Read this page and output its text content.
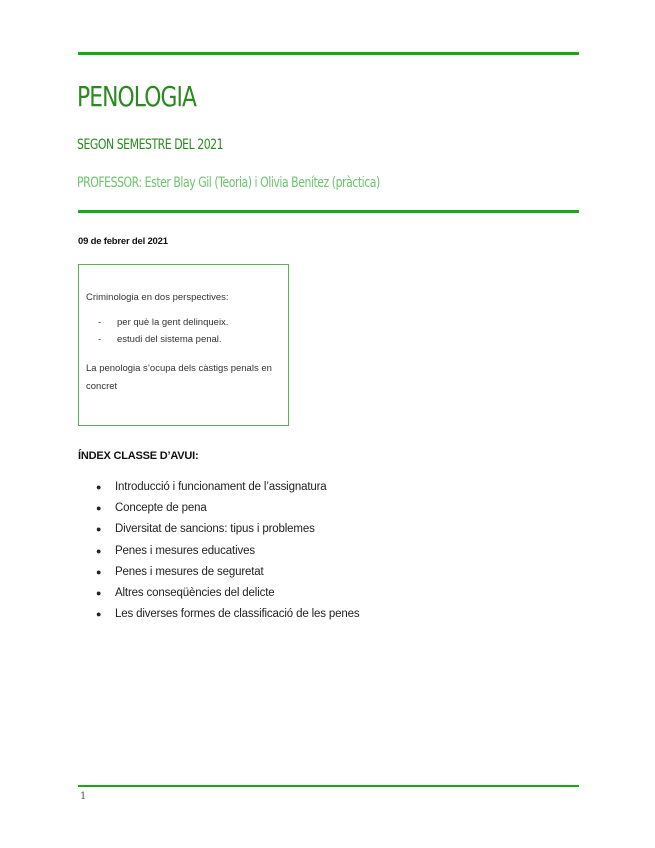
PENOLOGIA

SEGON SEMESTRE DEL 2021

PROFESSOR: Ester Blay Gil (Teoria) i Olivia Benítez (pràctica)

09 de febrer del 2021
Criminologia en dos perspectives:
- per què la gent delinqueix.
- estudi del sistema penal.
La penologia s’ocupa dels càstigs penals en concret
ÍNDEX CLASSE D’AVUI:
● Introducció i funcionament de l’assignatura
● Concepte de pena
● Diversitat de sancions: tipus i problemes
● Penes i mesures educatives
● Penes i mesures de seguretat
● Altres conseqüències del delicte
● Les diverses formes de classificació de les penes
1
